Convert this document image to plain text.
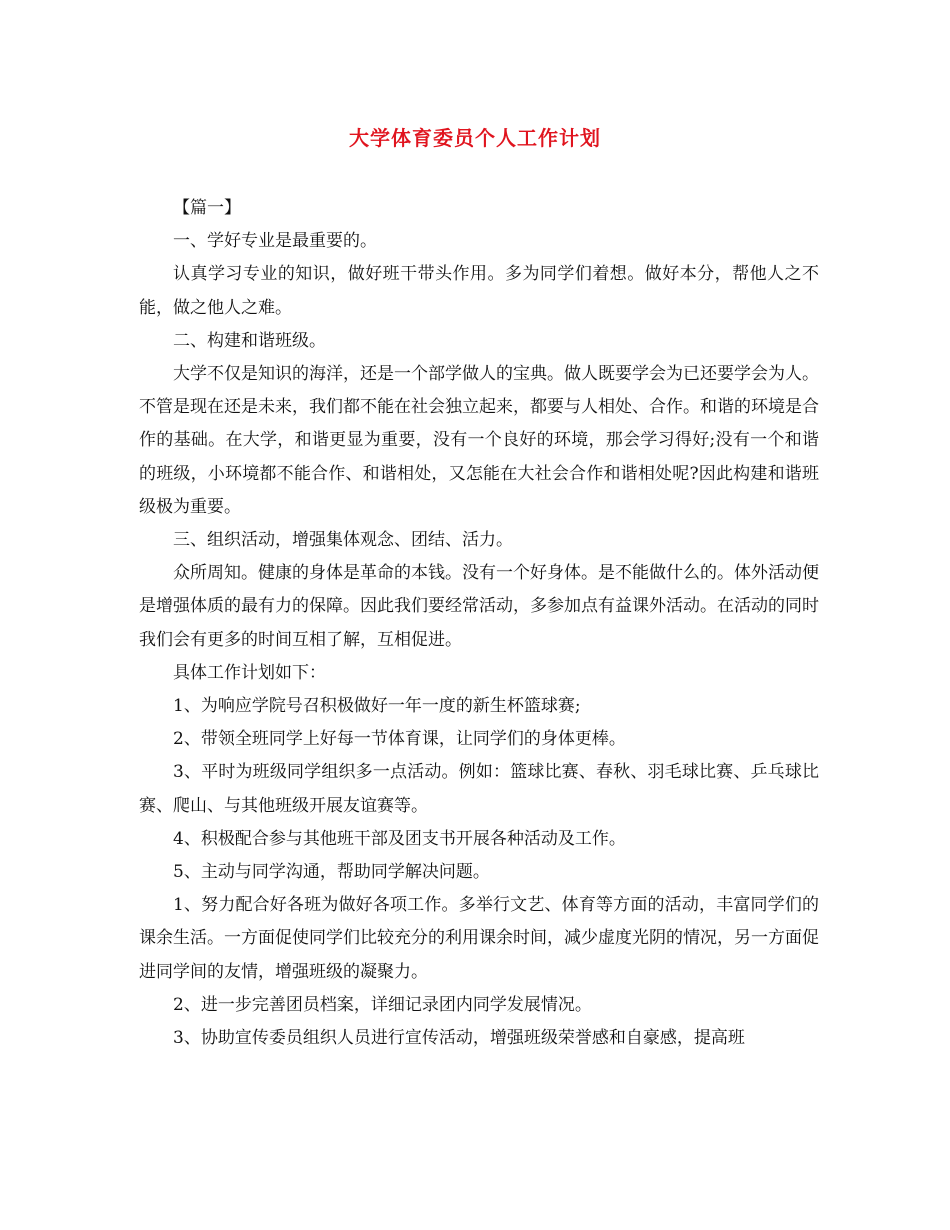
大学体育委员个人工作计划

【篇一】

一、学好专业是最重要的。

认真学习专业的知识，做好班干带头作用。多为同学们着想。做好本分，帮他人之不能，做之他人之难。

二、构建和谐班级。

大学不仅是知识的海洋，还是一个部学做人的宝典。做人既要学会为已还要学会为人。不管是现在还是未来，我们都不能在社会独立起来，都要与人相处、合作。和谐的环境是合作的基础。在大学，和谐更显为重要，没有一个良好的环境，那会学习得好;没有一个和谐的班级，小环境都不能合作、和谐相处，又怎能在大社会合作和谐相处呢?因此构建和谐班级极为重要。

三、组织活动，增强集体观念、团结、活力。

众所周知。健康的身体是革命的本钱。没有一个好身体。是不能做什么的。体外活动便是增强体质的最有力的保障。因此我们要经常活动，多参加点有益课外活动。在活动的同时我们会有更多的时间互相了解，互相促进。

具体工作计划如下：

1、为响应学院号召积极做好一年一度的新生杯篮球赛;

2、带领全班同学上好每一节体育课，让同学们的身体更棒。

3、平时为班级同学组织多一点活动。例如：篮球比赛、春秋、羽毛球比赛、乒乓球比赛、爬山、与其他班级开展友谊赛等。

4、积极配合参与其他班干部及团支书开展各种活动及工作。

5、主动与同学沟通，帮助同学解决问题。

1、努力配合好各班为做好各项工作。多举行文艺、体育等方面的活动，丰富同学们的课余生活。一方面促使同学们比较充分的利用课余时间，减少虚度光阴的情况，另一方面促进同学间的友情，增强班级的凝聚力。

2、进一步完善团员档案，详细记录团内同学发展情况。

3、协助宣传委员组织人员进行宣传活动，增强班级荣誉感和自豪感，提高班
